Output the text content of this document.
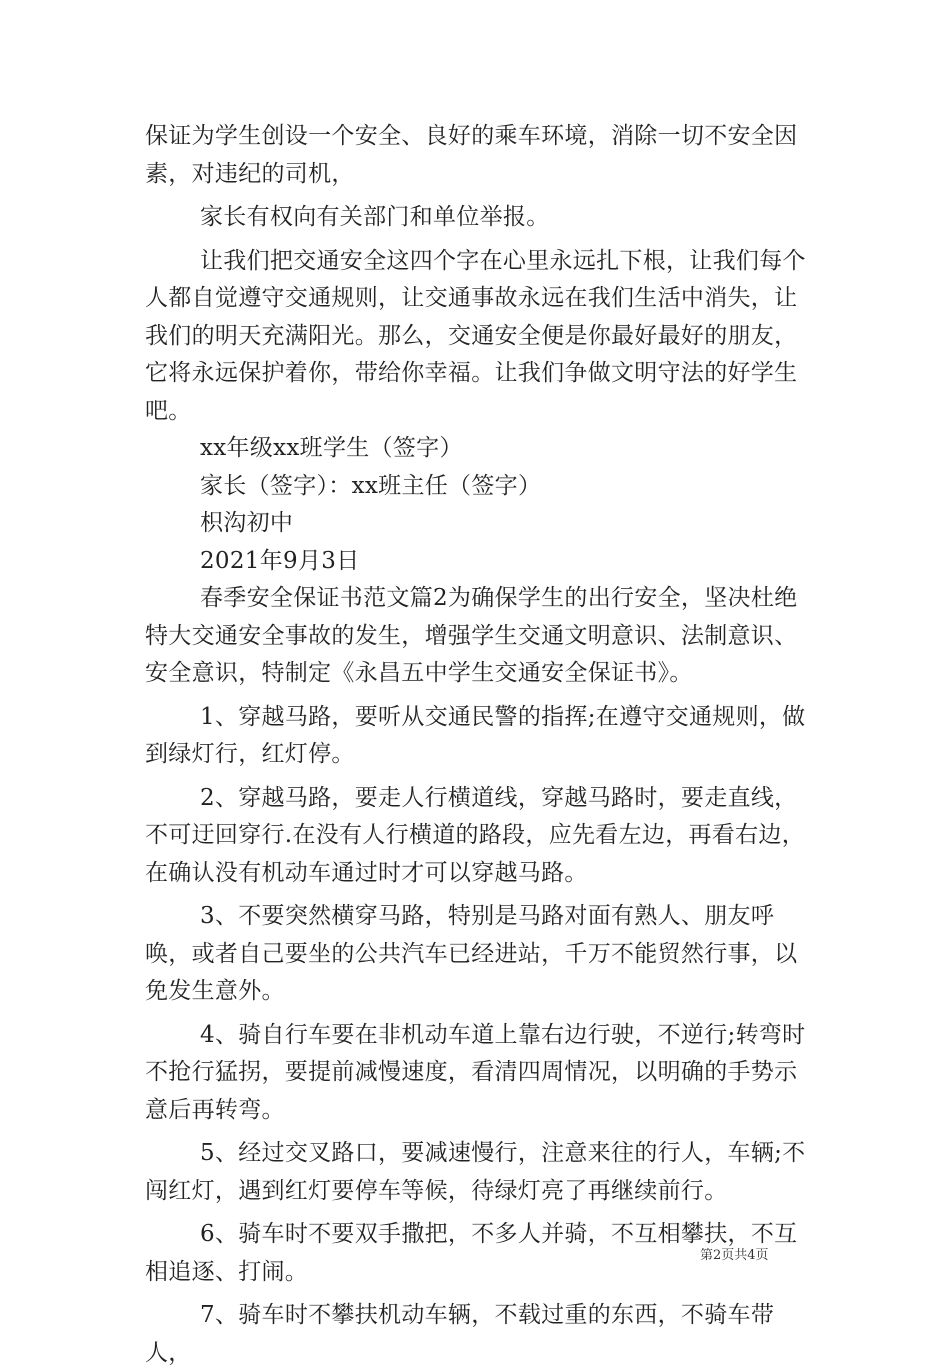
保证为学生创设一个安全、良好的乘车环境，消除一切不安全因素，对违纪的司机，

家长有权向有关部门和单位举报。

让我们把交通安全这四个字在心里永远扎下根，让我们每个人都自觉遵守交通规则，让交通事故永远在我们生活中消失，让我们的明天充满阳光。那么，交通安全便是你最好最好的朋友，它将永远保护着你，带给你幸福。让我们争做文明守法的好学生吧。

xx年级xx班学生（签字）

家长（签字）：xx班主任（签字）

枳沟初中

2021年9月3日

春季安全保证书范文篇2为确保学生的出行安全，坚决杜绝特大交通安全事故的发生，增强学生交通文明意识、法制意识、安全意识，特制定《永昌五中学生交通安全保证书》。

1、穿越马路，要听从交通民警的指挥;在遵守交通规则，做到绿灯行，红灯停。

2、穿越马路，要走人行横道线，穿越马路时，要走直线，不可迂回穿行.在没有人行横道的路段，应先看左边，再看右边，在确认没有机动车通过时才可以穿越马路。

3、不要突然横穿马路，特别是马路对面有熟人、朋友呼唤，或者自己要坐的公共汽车已经进站，千万不能贸然行事，以免发生意外。

4、骑自行车要在非机动车道上靠右边行驶，不逆行;转弯时不抢行猛拐，要提前减慢速度，看清四周情况，以明确的手势示意后再转弯。

5、经过交叉路口，要减速慢行，注意来往的行人，车辆;不闯红灯，遇到红灯要停车等候，待绿灯亮了再继续前行。

6、骑车时不要双手撒把，不多人并骑，不互相攀扶，不互相追逐、打闹。

7、骑车时不攀扶机动车辆，不载过重的东西，不骑车带人，

第2页共4页
